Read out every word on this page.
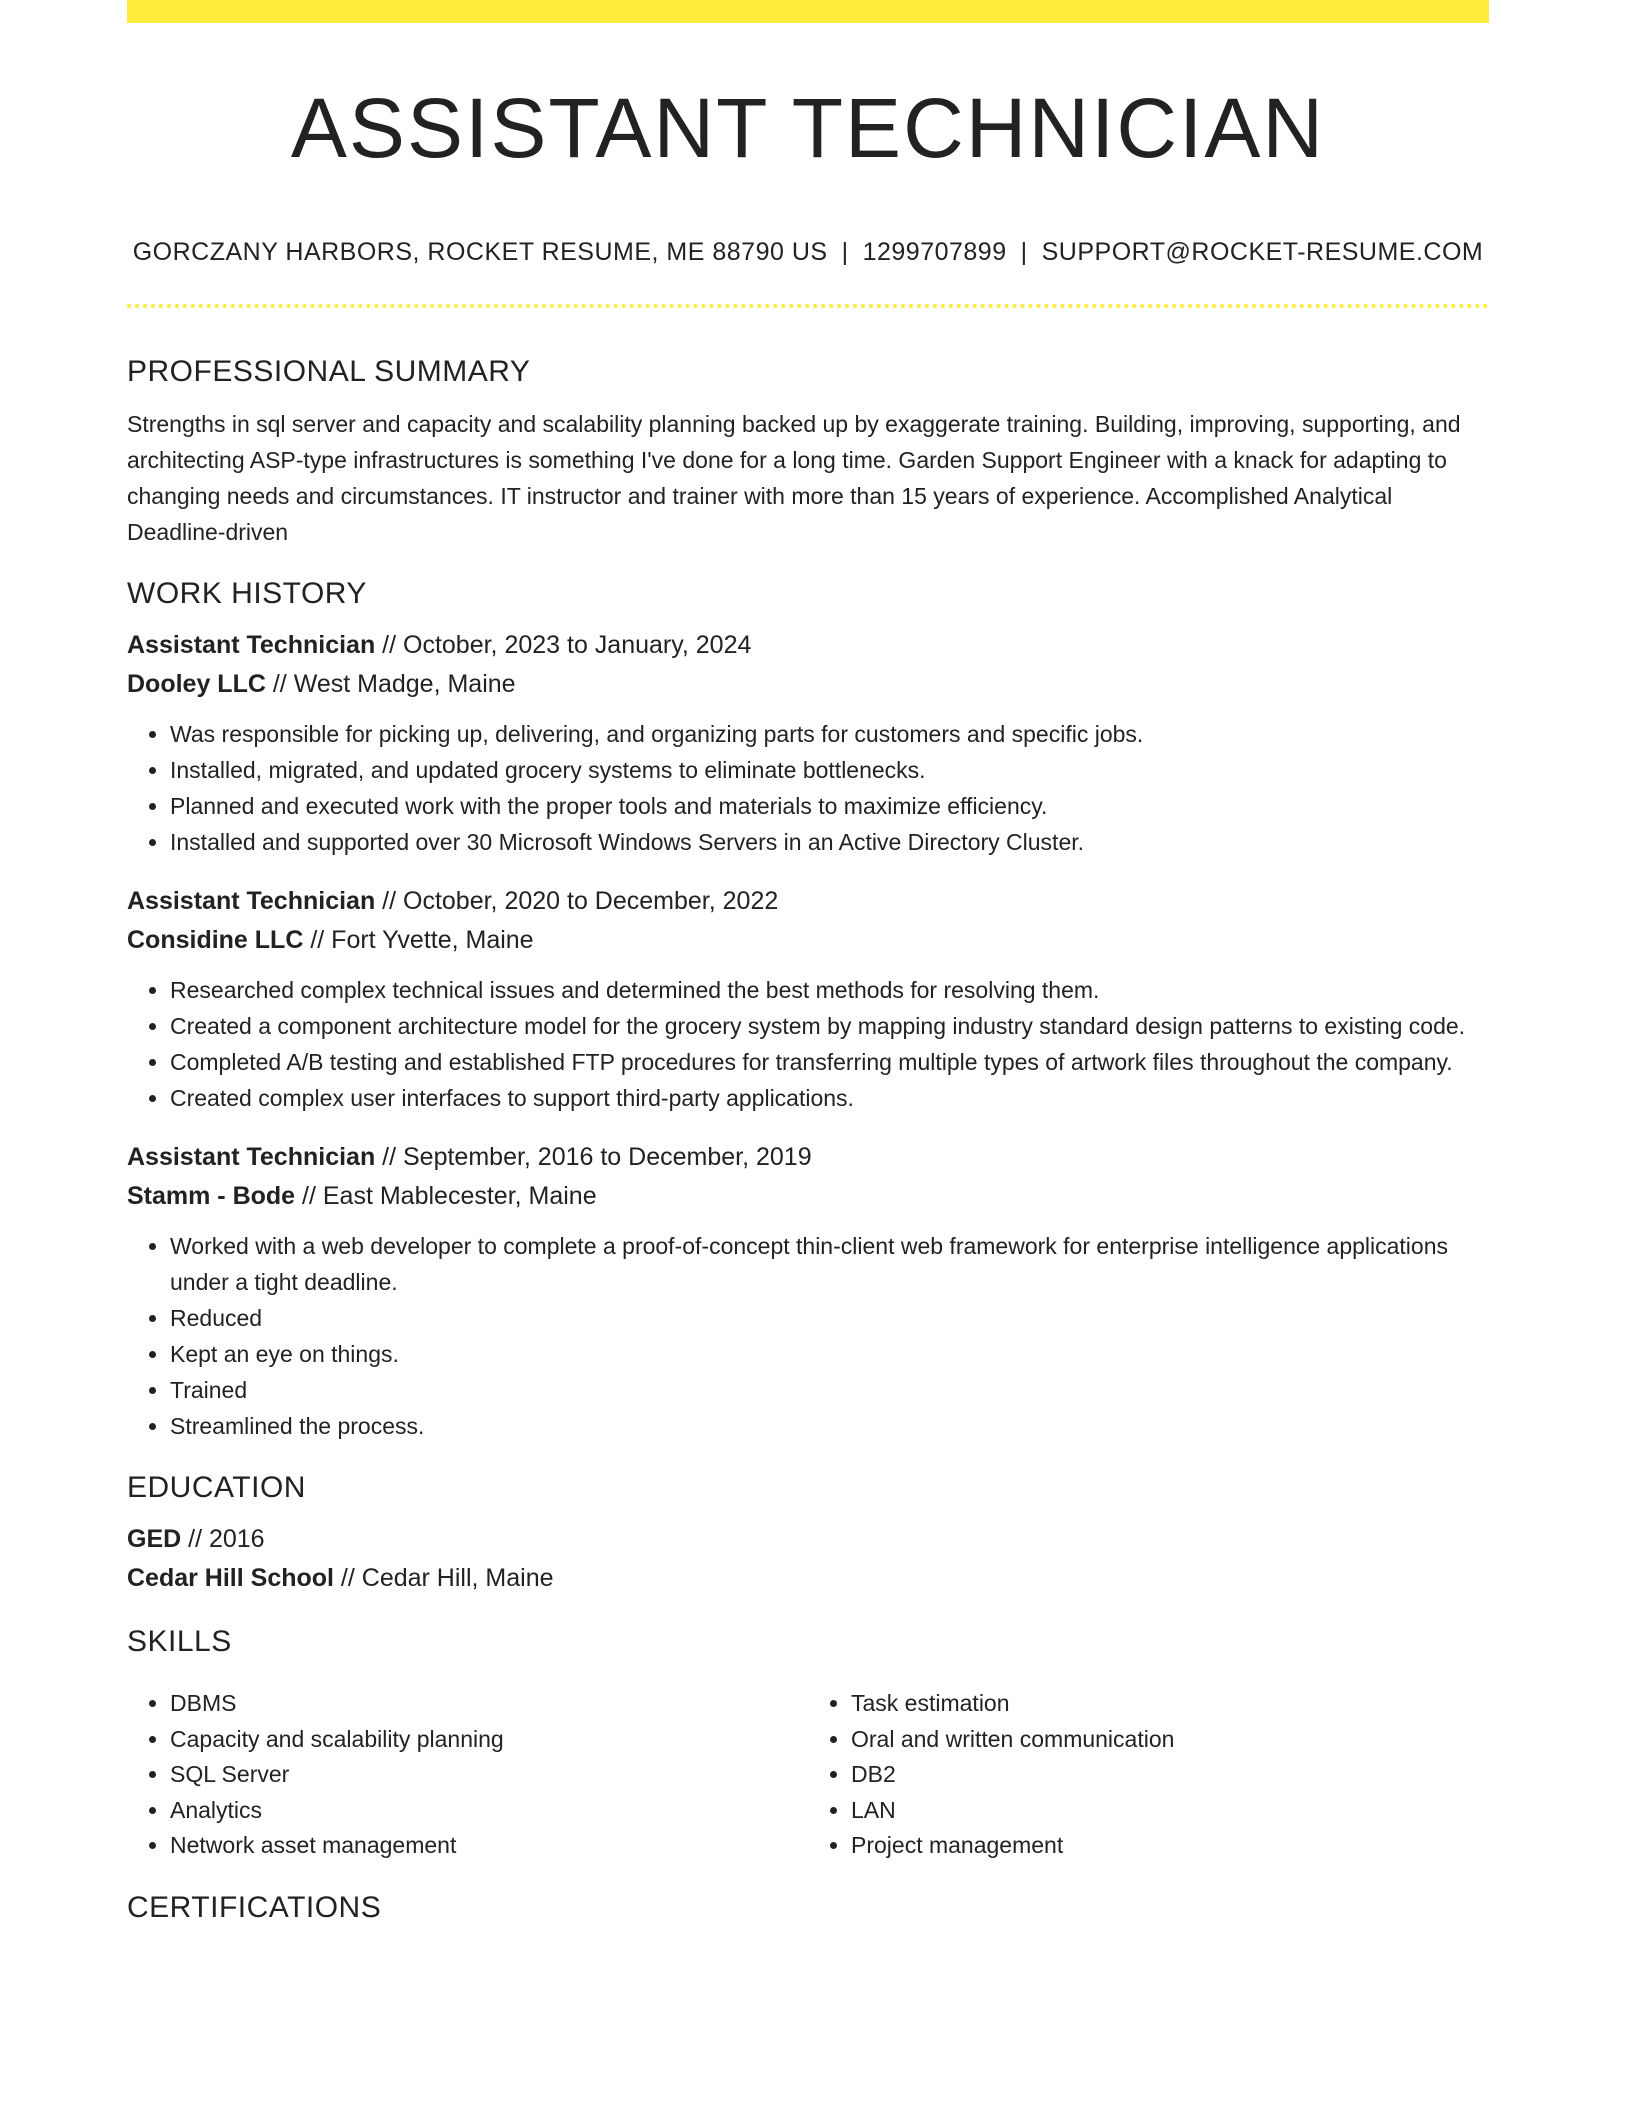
ASSISTANT TECHNICIAN
GORCZANY HARBORS, ROCKET RESUME, ME 88790 US | 1299707899 | SUPPORT@ROCKET-RESUME.COM
PROFESSIONAL SUMMARY

Strengths in sql server and capacity and scalability planning backed up by exaggerate training. Building, improving, supporting, and architecting ASP-type infrastructures is something I've done for a long time. Garden Support Engineer with a knack for adapting to changing needs and circumstances. IT instructor and trainer with more than 15 years of experience. Accomplished Analytical Deadline-driven

WORK HISTORY
Assistant Technician // October, 2023 to January, 2024
Dooley LLC // West Madge, Maine
• Was responsible for picking up, delivering, and organizing parts for customers and specific jobs.
• Installed, migrated, and updated grocery systems to eliminate bottlenecks.
• Planned and executed work with the proper tools and materials to maximize efficiency.
• Installed and supported over 30 Microsoft Windows Servers in an Active Directory Cluster.
Assistant Technician // October, 2020 to December, 2022
Considine LLC // Fort Yvette, Maine
• Researched complex technical issues and determined the best methods for resolving them.
• Created a component architecture model for the grocery system by mapping industry standard design patterns to existing code.
• Completed A/B testing and established FTP procedures for transferring multiple types of artwork files throughout the company.
• Created complex user interfaces to support third-party applications.
Assistant Technician // September, 2016 to December, 2019
Stamm - Bode // East Mablecester, Maine
• Worked with a web developer to complete a proof-of-concept thin-client web framework for enterprise intelligence applications under a tight deadline.
• Reduced
• Kept an eye on things.
• Trained
• Streamlined the process.
EDUCATION
GED // 2016
Cedar Hill School // Cedar Hill, Maine
SKILLS
• DBMS
• Capacity and scalability planning
• SQL Server
• Analytics
• Network asset management
• Task estimation
• Oral and written communication
• DB2
• LAN
• Project management
CERTIFICATIONS
